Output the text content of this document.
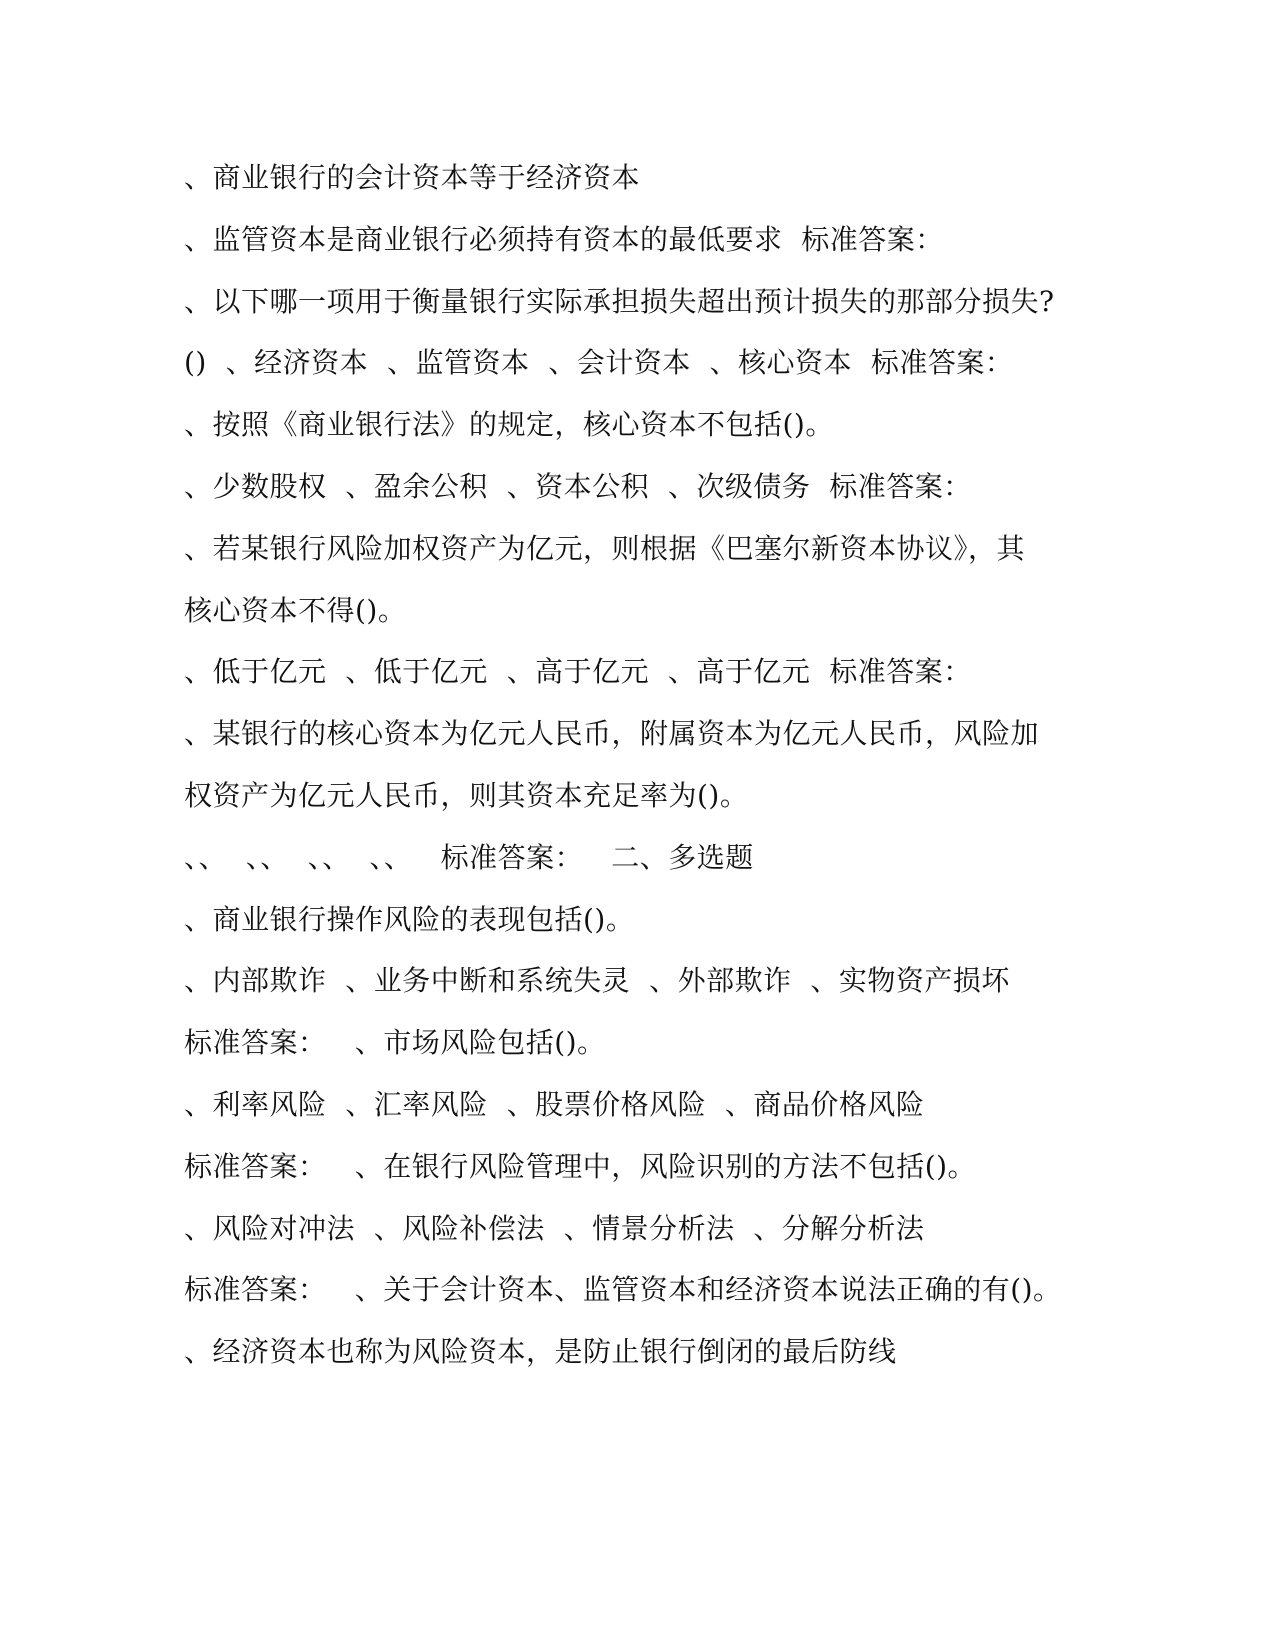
、商业银行的会计资本等于经济资本
、监管资本是商业银行必须持有资本的最低要求  标准答案：
、以下哪一项用于衡量银行实际承担损失超出预计损失的那部分损失?
()  、经济资本  、监管资本  、会计资本  、核心资本  标准答案：
、按照《商业银行法》的规定，核心资本不包括()。
、少数股权  、盈余公积  、资本公积  、次级债务  标准答案：
、若某银行风险加权资产为亿元，则根据《巴塞尔新资本协议》，其
核心资本不得()。
、低于亿元  、低于亿元  、高于亿元  、高于亿元  标准答案：
、某银行的核心资本为亿元人民币，附属资本为亿元人民币，风险加
权资产为亿元人民币，则其资本充足率为()。
、、  、、  、、  、、   标准答案：   二、多选题
、商业银行操作风险的表现包括()。
、内部欺诈  、业务中断和系统失灵  、外部欺诈  、实物资产损坏
标准答案：   、市场风险包括()。
、利率风险  、汇率风险  、股票价格风险  、商品价格风险
标准答案：   、在银行风险管理中，风险识别的方法不包括()。
、风险对冲法  、风险补偿法  、情景分析法  、分解分析法
标准答案：   、关于会计资本、监管资本和经济资本说法正确的有()。
、经济资本也称为风险资本，是防止银行倒闭的最后防线
